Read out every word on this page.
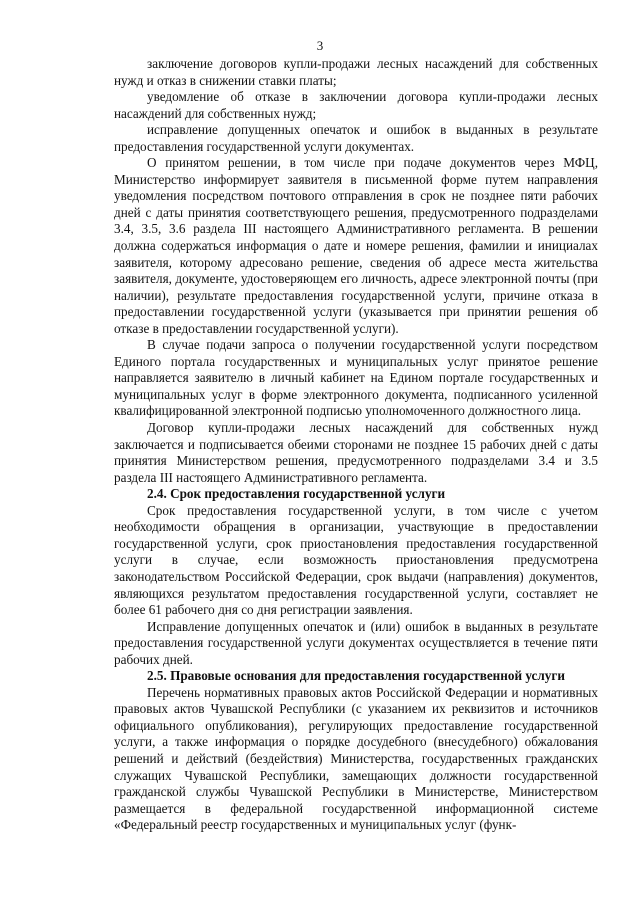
3

заключение договоров купли-продажи лесных насаждений для собственных нужд и отказ в снижении ставки платы;

уведомление об отказе в заключении договора купли-продажи лесных насаждений для собственных нужд;

исправление допущенных опечаток и ошибок в выданных в результате предоставления государственной услуги документах.

О принятом решении, в том числе при подаче документов через МФЦ, Министерство информирует заявителя в письменной форме путем направления уведомления посредством почтового отправления в срок не позднее пяти рабочих дней с даты принятия соответствующего решения, предусмотренного подразделами 3.4, 3.5, 3.6 раздела III настоящего Административного регламента. В решении должна содержаться информация о дате и номере решения, фамилии и инициалах заявителя, которому адресовано решение, сведения об адресе места жительства заявителя, документе, удостоверяющем его личность, адресе электронной почты (при наличии), результате предоставления государственной услуги, причине отказа в предоставлении государственной услуги (указывается при принятии решения об отказе в предоставлении государственной услуги).

В случае подачи запроса о получении государственной услуги посредством Единого портала государственных и муниципальных услуг принятое решение направляется заявителю в личный кабинет на Едином портале государственных и муниципальных услуг в форме электронного документа, подписанного усиленной квалифицированной электронной подписью уполномоченного должностного лица.

Договор купли-продажи лесных насаждений для собственных нужд заключается и подписывается обеими сторонами не позднее 15 рабочих дней с даты принятия Министерством решения, предусмотренного подразделами 3.4 и 3.5 раздела III настоящего Административного регламента.

2.4. Срок предоставления государственной услуги

Срок предоставления государственной услуги, в том числе с учетом необходимости обращения в организации, участвующие в предоставлении государственной услуги, срок приостановления предоставления государственной услуги в случае, если возможность приостановления предусмотрена законодательством Российской Федерации, срок выдачи (направления) документов, являющихся результатом предоставления государственной услуги, составляет не более 61 рабочего дня со дня регистрации заявления.

Исправление допущенных опечаток и (или) ошибок в выданных в результате предоставления государственной услуги документах осуществляется в течение пяти рабочих дней.

2.5. Правовые основания для предоставления государственной услуги

Перечень нормативных правовых актов Российской Федерации и нормативных правовых актов Чувашской Республики (с указанием их реквизитов и источников официального опубликования), регулирующих предоставление государственной услуги, а также информация о порядке досудебного (внесудебного) обжалования решений и действий (бездействия) Министерства, государственных гражданских служащих Чувашской Республики, замещающих должности государственной гражданской службы Чувашской Республики в Министерстве, Министерством размещается в федеральной государственной информационной системе «Федеральный реестр государственных и муниципальных услуг (функ-
